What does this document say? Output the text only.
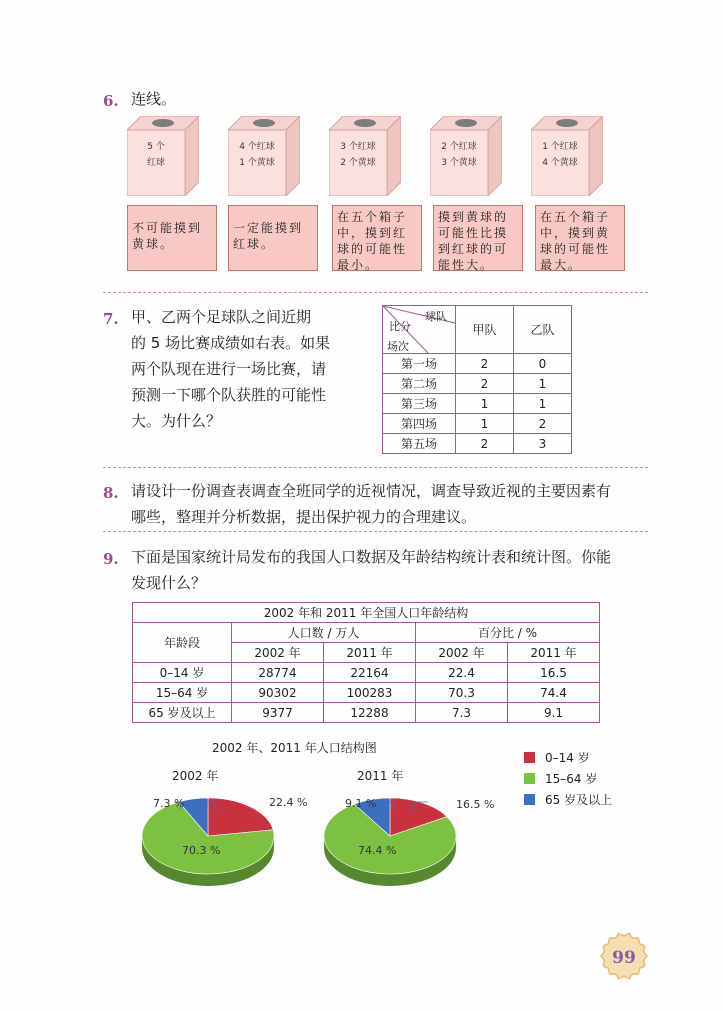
6. 连线。
5 个
红球
4 个红球
1 个黄球
3 个红球
2 个黄球
2 个红球
3 个黄球
1 个红球
4 个黄球
不可能摸到黄球。
一定能摸到红球。
在五个箱子中，摸到红球的可能性最小。
摸到黄球的可能性比摸到红球的可能性大。
在五个箱子中，摸到黄球的可能性最大。
7. 甲、乙两个足球队之间近期
的 5 场比赛成绩如右表。如果
两个队现在进行一场比赛，请
预测一下哪个队获胜的可能性
大。为什么？
球队
比分
场次	甲队	乙队
第一场	2	0
第二场	2	1
第三场	1	1
第四场	1	2
第五场	2	3
8. 请设计一份调查表调查全班同学的近视情况，调查导致近视的主要因素有
哪些，整理并分析数据，提出保护视力的合理建议。
9. 下面是国家统计局发布的我国人口数据及年龄结构统计表和统计图。你能
发现什么？
2002 年和 2011 年全国人口年龄结构				
年龄段	人口数 / 万人		百分比 / %	
	2002 年	2011 年	2002 年	2011 年
0–14 岁	28774	22164	22.4	16.5
15–64 岁	90302	100283	70.3	74.4
65 岁及以上	9377	12288	7.3	9.1
2002 年、2011 年人口结构图
2002 年	2011 年
22.4 %
70.3 %
7.3 %	16.5 %
74.4 %
9.1 %
0–14 岁
15–64 岁
65 岁及以上
99
